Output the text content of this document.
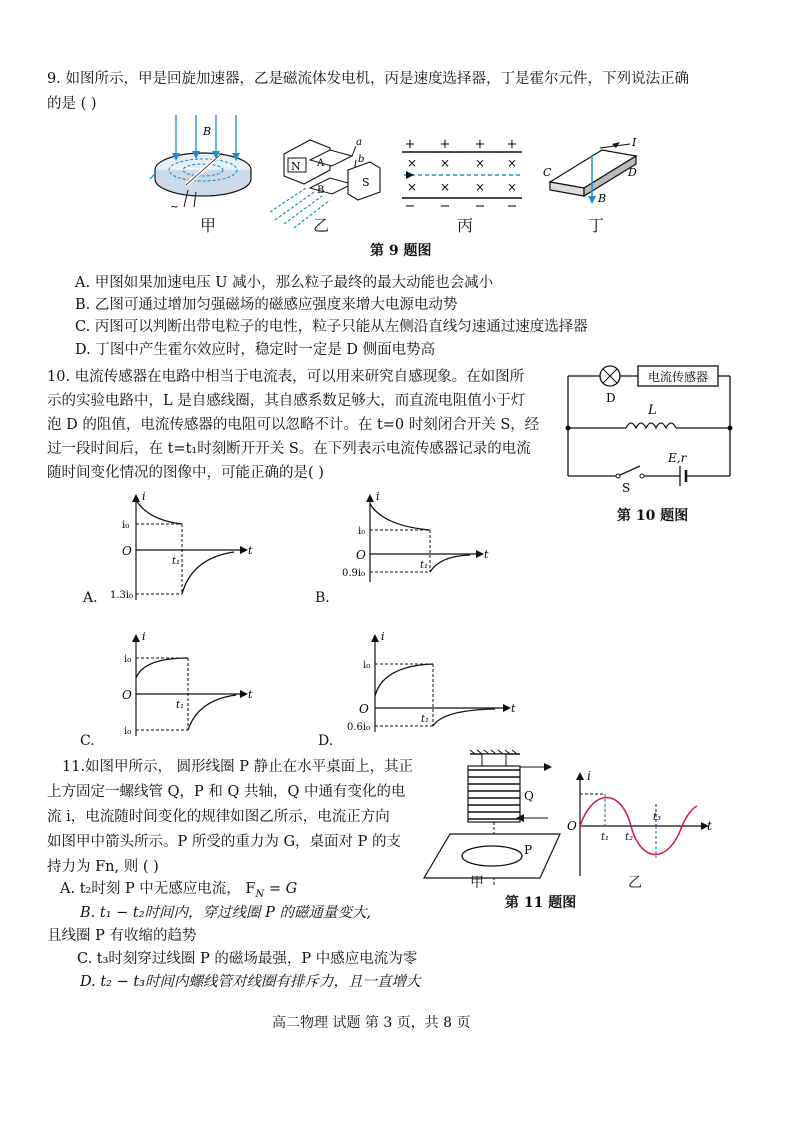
9. 如图所示，甲是回旋加速器，乙是磁流体发电机，丙是速度选择器，丁是霍尔元件，下列说法正确
的是 ( )
B
~
N A
B
a
b
S
+ + + +
− − − −
× × × ×
× × × ×
I
C	D
B
甲	乙	丙	丁
第 9 题图
A. 甲图如果加速电压 U 减小，那么粒子最终的最大动能也会减小
B. 乙图可通过增加匀强磁场的磁感应强度来增大电源电动势
C. 丙图可以判断出带电粒子的电性，粒子只能从左侧沿直线匀速通过速度选择器
D. 丁图中产生霍尔效应时，稳定时一定是 D 侧面电势高
10. 电流传感器在电路中相当于电流表，可以用来研究自感现象。在如图所
示的实验电路中，L 是自感线圈，其自感系数足够大，而直流电阻值小于灯
泡 D 的阻值，电流传感器的电阻可以忽略不计。在 t=0 时刻闭合开关 S，经
过一段时间后，在 t=t₁时刻断开开关 S。在下列表示电流传感器记录的电流
随时间变化情况的图像中，可能正确的是( )
电流传感器
D
L
S
E,r
第 10 题图
i
t
O
t₁
i₀
1.3i₀
A.
i
t
O
t₁
i₀
0.9i₀
B.
i
t
O
t₁
i₀
i₀
C.
i
t
O
t₁
i₀
0.6i₀
D.
11.如图甲所示， 圆形线圈 P 静止在水平桌面上，其正
上方固定一螺线管 Q，P 和 Q 共轴，Q 中通有变化的电
流 i，电流随时间变化的规律如图乙所示，电流正方向
如图甲中箭头所示。P 所受的重力为 G，桌面对 P 的支
持力为 Fn, 则 ( )
A. t₂时刻 P 中无感应电流， $F_N = G$
B. t₁ − t₂时间内，穿过线圈 P 的磁通量变大,
且线圈 P 有收缩的趋势
C. t₃时刻穿过线圈 P 的磁场最强，P 中感应电流为零
D. t₂ − t₃时间内螺线管对线圈有排斥力，且一直增大
Q
P
甲
第 11 题图
i
t
O
t₁ t₂
t₃
乙
高二物理 试题 第 3 页，共 8 页
